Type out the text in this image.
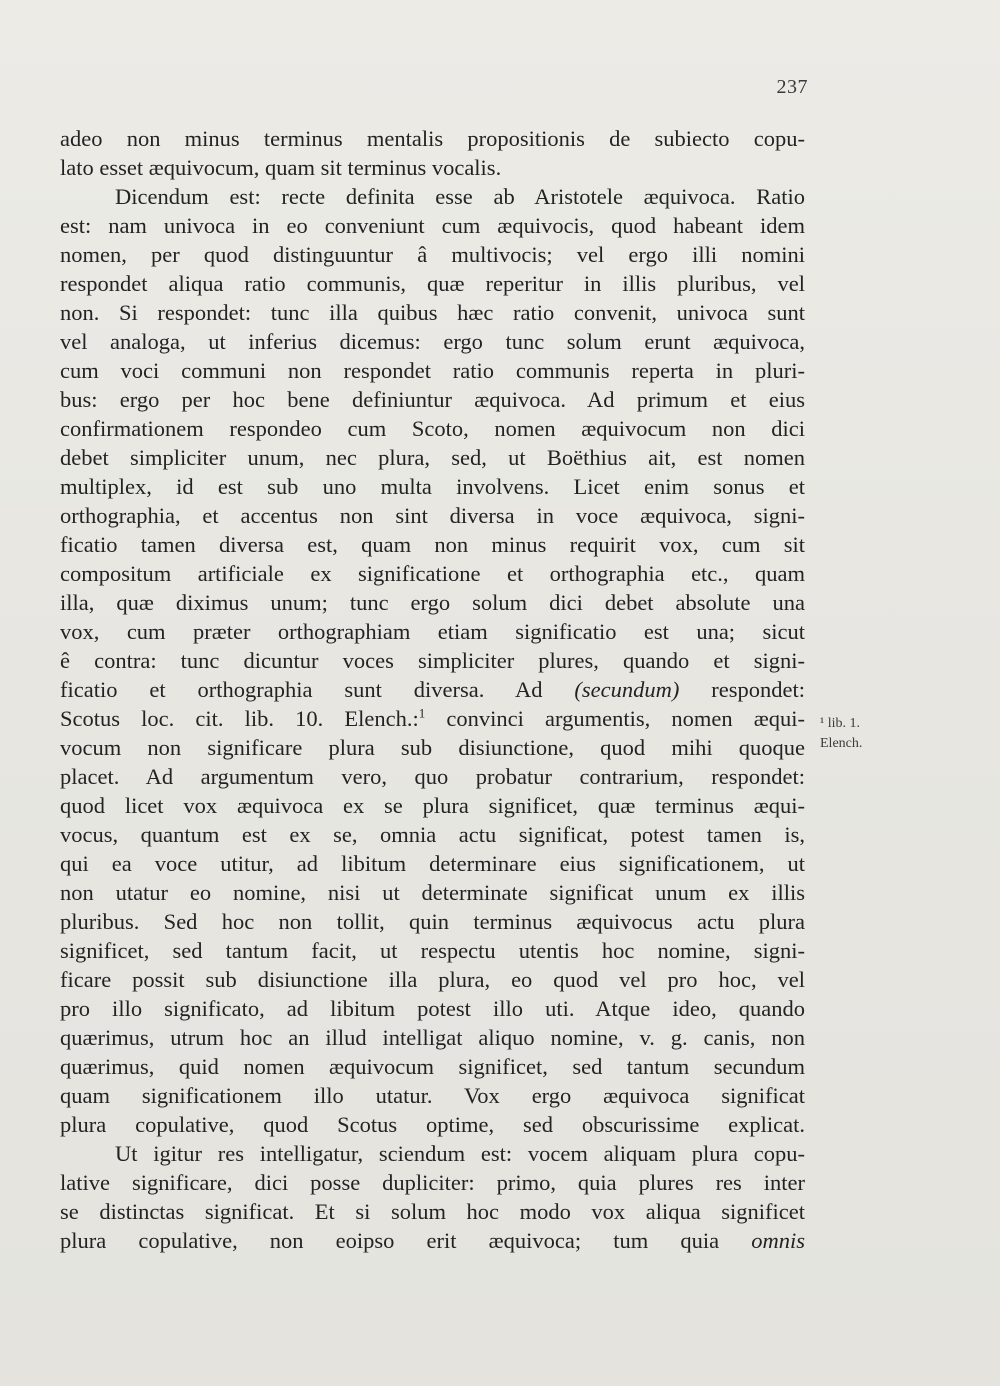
237
adeo non minus terminus mentalis propositionis de subiecto copu-
lato esset æquivocum, quam sit terminus vocalis.
Dicendum est: recte definita esse ab Aristotele æquivoca. Ratio
est: nam univoca in eo conveniunt cum æquivocis, quod habeant idem
nomen, per quod distinguuntur â multivocis; vel ergo illi nomini
respondet aliqua ratio communis, quæ reperitur in illis pluribus, vel
non. Si respondet: tunc illa quibus hæc ratio convenit, univoca sunt
vel analoga, ut inferius dicemus: ergo tunc solum erunt æquivoca,
cum voci communi non respondet ratio communis reperta in pluri-
bus: ergo per hoc bene definiuntur æquivoca. Ad primum et eius
confirmationem respondeo cum Scoto, nomen æquivocum non dici
debet simpliciter unum, nec plura, sed, ut Boëthius ait, est nomen
multiplex, id est sub uno multa involvens. Licet enim sonus et
orthographia, et accentus non sint diversa in voce æquivoca, signi-
ficatio tamen diversa est, quam non minus requirit vox, cum sit
compositum artificiale ex significatione et orthographia etc., quam
illa, quæ diximus unum; tunc ergo solum dici debet absolute una
vox, cum præter orthographiam etiam significatio est una; sicut
ê contra: tunc dicuntur voces simpliciter plures, quando et signi-
ficatio et orthographia sunt diversa. Ad (secundum) respondet:
Scotus loc. cit. lib. 10. Elench.:$^1$ convinci argumentis, nomen æqui-
vocum non significare plura sub disiunctione, quod mihi quoque
placet. Ad argumentum vero, quo probatur contrarium, respondet:
quod licet vox æquivoca ex se plura significet, quæ terminus æqui-
vocus, quantum est ex se, omnia actu significat, potest tamen is,
qui ea voce utitur, ad libitum determinare eius significationem, ut
non utatur eo nomine, nisi ut determinate significat unum ex illis
pluribus. Sed hoc non tollit, quin terminus æquivocus actu plura
significet, sed tantum facit, ut respectu utentis hoc nomine, signi-
ficare possit sub disiunctione illa plura, eo quod vel pro hoc, vel
pro illo significato, ad libitum potest illo uti. Atque ideo, quando
quærimus, utrum hoc an illud intelligat aliquo nomine, v. g. canis, non
quærimus, quid nomen æquivocum significet, sed tantum secundum
quam significationem illo utatur. Vox ergo æquivoca significat
plura copulative, quod Scotus optime, sed obscurissime explicat.
Ut igitur res intelligatur, sciendum est: vocem aliquam plura copu-
lative significare, dici posse dupliciter: primo, quia plures res inter
se distinctas significat. Et si solum hoc modo vox aliqua significet
plura copulative, non eoipso erit æquivoca; tum quia omnis
¹ lib. 1.
Elench.
